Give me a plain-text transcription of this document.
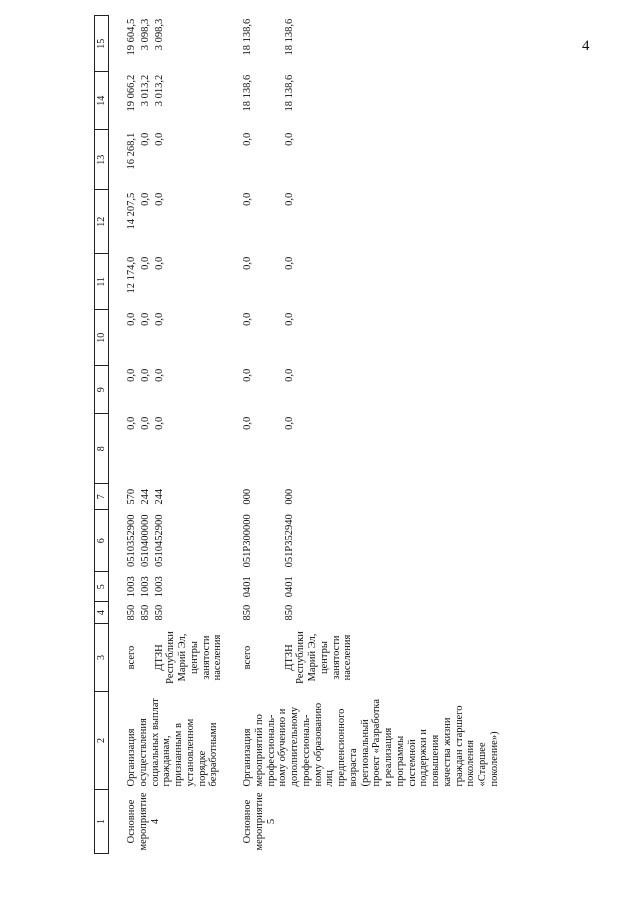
4
1	2	3	4	5	6	7	8	9	10	11	12	13	14	15

Основное мероприятие 4	Организация осуществления социальных выплат гражданам, признанным в установленном порядке безработными	всего	850	1003	0510352900	570	0,0	0,0	0,0	12 174,0	14 207,5	16 268,1	19 066,2	19 604,5
			850	1003	0510400000	244	0,0	0,0	0,0	0,0	0,0	0,0	3 013,2	3 098,3
		ДТЗН Республики Марий Эл, центры занятости населения	850	1003	0510452900	244	0,0	0,0	0,0	0,0	0,0	0,0	3 013,2	3 098,3

Основное мероприятие 5	Организация мероприятий по профессиональ-ному обучению и дополнительному профессиональ-ному образованию лиц предпенсионного возраста (региональный проект «Разработка и реализация программы системной поддержки и повышения качества жизни граждан старшего поколения «Старшее поколение»)	всего	850	0401	051P300000	000	0,0	0,0	0,0	0,0	0,0	0,0	18 138,6	18 138,6
		ДТЗН Республики Марий Эл, центры занятости населения	850	0401	051P352940	000	0,0	0,0	0,0	0,0	0,0	0,0	18 138,6	18 138,6
